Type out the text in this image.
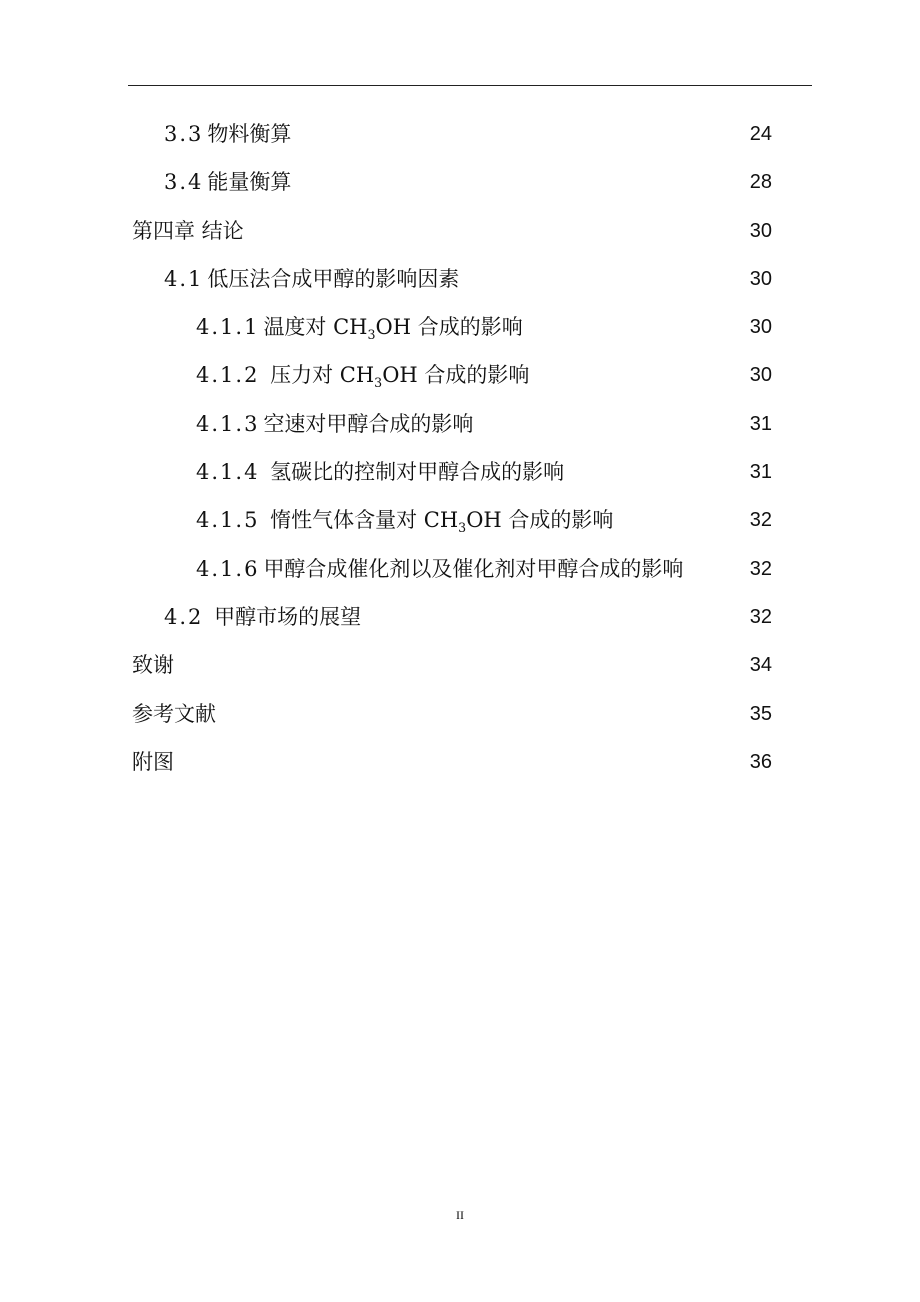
3.3 物料衡算	24
3.4 能量衡算	28
第四章 结论	30
4.1 低压法合成甲醇的影响因素	30
4.1.1 温度对 $CH_3OH$ 合成的影响	30
4.1.2 压力对 $CH_3OH$ 合成的影响	30
4.1.3 空速对甲醇合成的影响	31
4.1.4 氢碳比的控制对甲醇合成的影响	31
4.1.5 惰性气体含量对 $CH_3OH$ 合成的影响	32
4.1.6 甲醇合成催化剂以及催化剂对甲醇合成的影响	32
4.2 甲醇市场的展望	32
致谢	34
参考文献	35
附图	36
II
